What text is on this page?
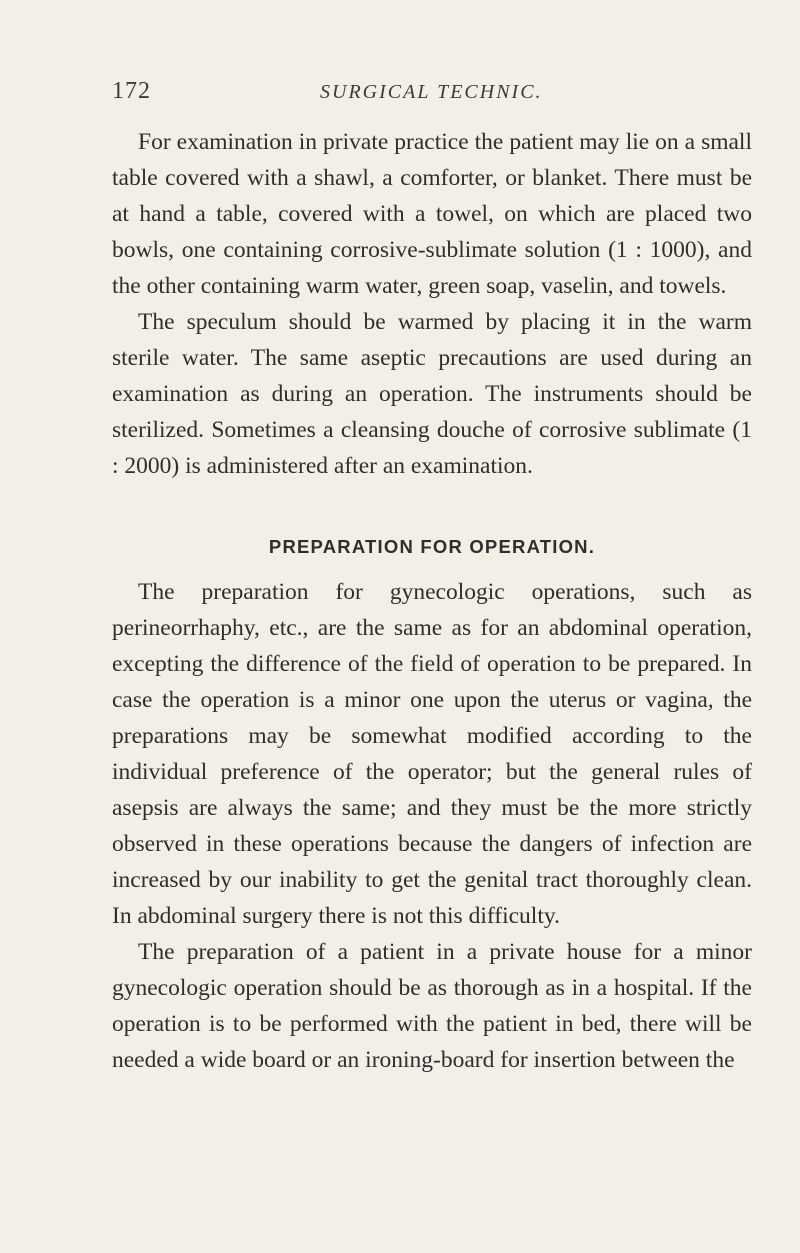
172	SURGICAL TECHNIC.

For examination in private practice the patient may lie on a small table covered with a shawl, a comforter, or blanket. There must be at hand a table, covered with a towel, on which are placed two bowls, one containing corrosive-sublimate solution (1 : 1000), and the other containing warm water, green soap, vaselin, and towels.

The speculum should be warmed by placing it in the warm sterile water. The same aseptic precautions are used during an examination as during an operation. The instruments should be sterilized. Sometimes a cleansing douche of corrosive sublimate (1 : 2000) is administered after an examination.

PREPARATION FOR OPERATION.

The preparation for gynecologic operations, such as perineorrhaphy, etc., are the same as for an abdominal operation, excepting the difference of the field of operation to be prepared. In case the operation is a minor one upon the uterus or vagina, the preparations may be somewhat modified according to the individual preference of the operator; but the general rules of asepsis are always the same; and they must be the more strictly observed in these operations because the dangers of infection are increased by our inability to get the genital tract thoroughly clean. In abdominal surgery there is not this difficulty.

The preparation of a patient in a private house for a minor gynecologic operation should be as thorough as in a hospital. If the operation is to be performed with the patient in bed, there will be needed a wide board or an ironing-board for insertion between the
